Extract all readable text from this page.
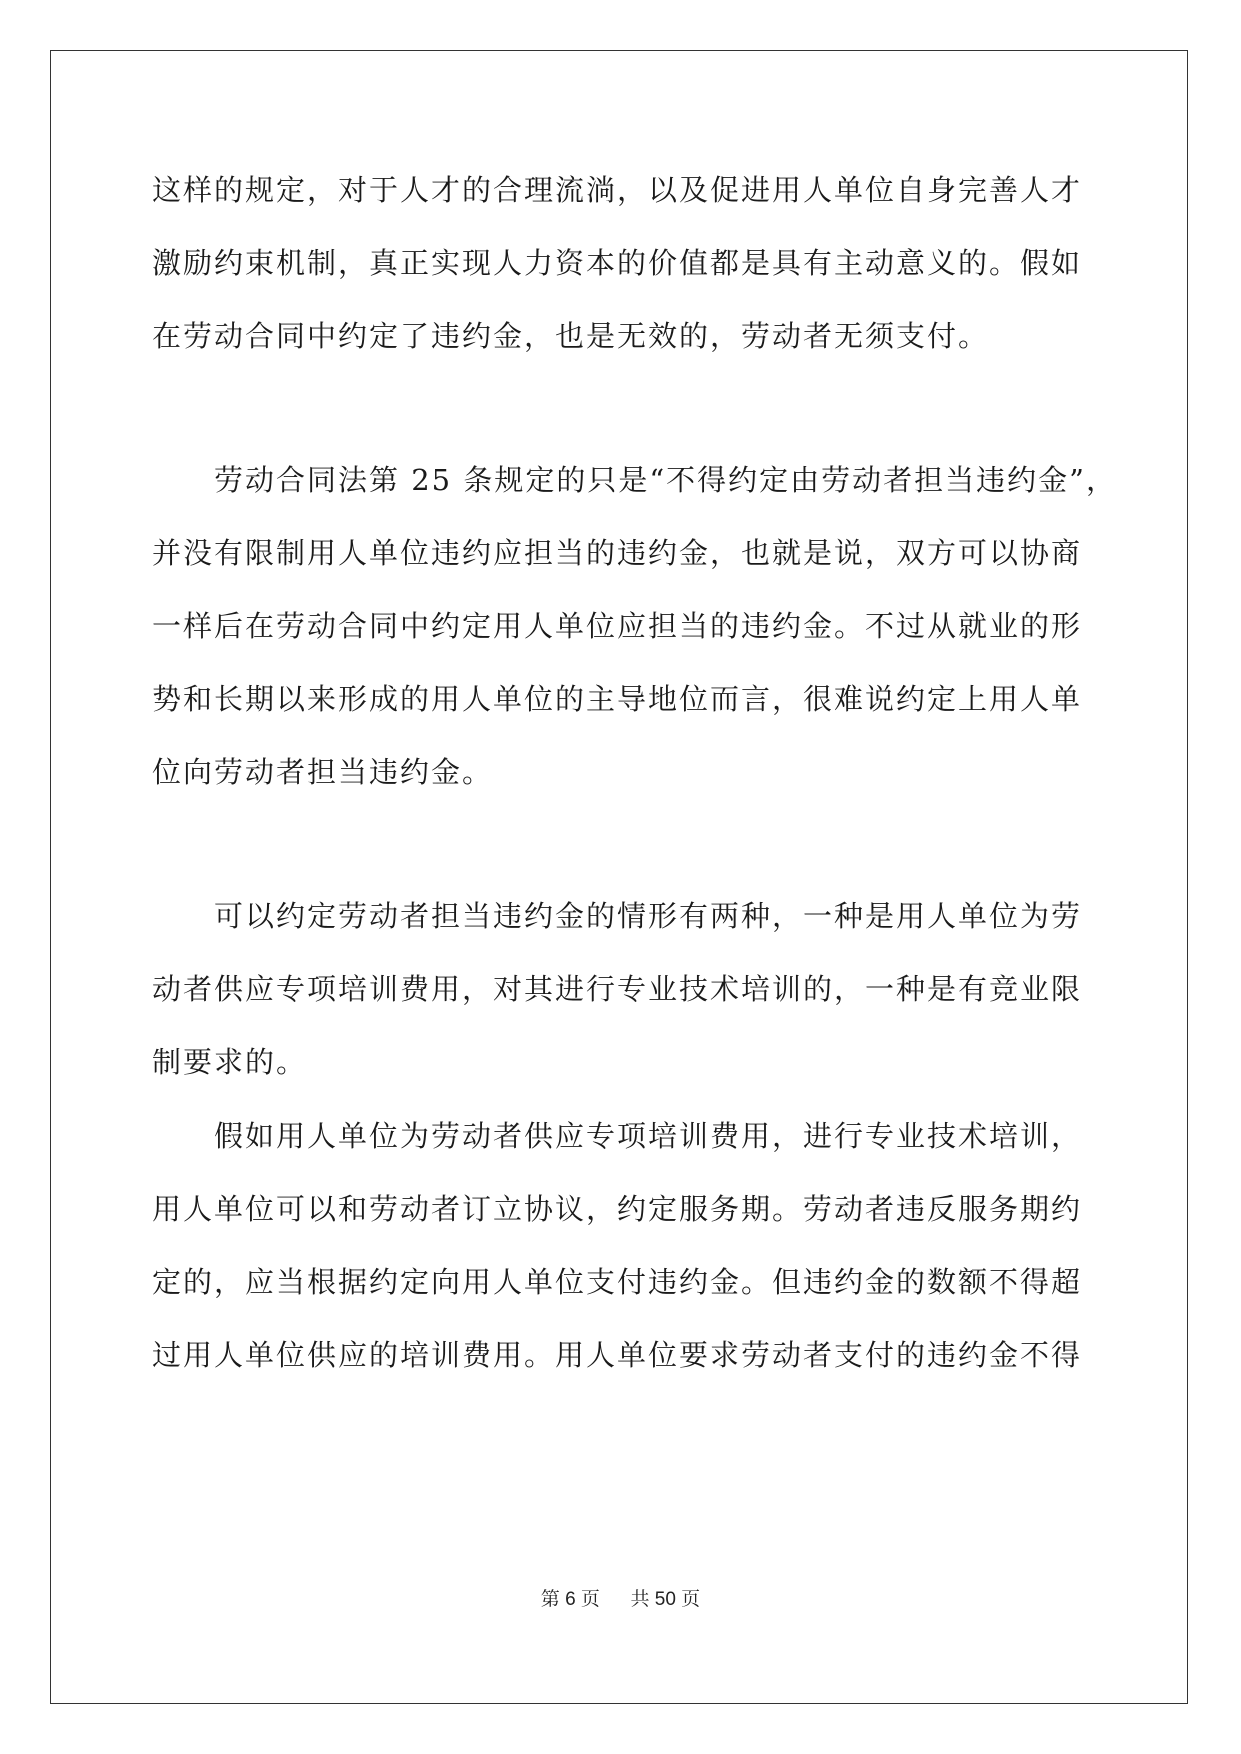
这样的规定，对于人才的合理流淌，以及促进用人单位自身完善人才
激励约束机制，真正实现人力资本的价值都是具有主动意义的。假如
在劳动合同中约定了违约金，也是无效的，劳动者无须支付。
　　劳动合同法第 25 条规定的只是“不得约定由劳动者担当违约金”，
并没有限制用人单位违约应担当的违约金，也就是说，双方可以协商
一样后在劳动合同中约定用人单位应担当的违约金。不过从就业的形
势和长期以来形成的用人单位的主导地位而言，很难说约定上用人单
位向劳动者担当违约金。
　　可以约定劳动者担当违约金的情形有两种，一种是用人单位为劳
动者供应专项培训费用，对其进行专业技术培训的，一种是有竞业限
制要求的。
　　假如用人单位为劳动者供应专项培训费用，进行专业技术培训，
用人单位可以和劳动者订立协议，约定服务期。劳动者违反服务期约
定的，应当根据约定向用人单位支付违约金。但违约金的数额不得超
过用人单位供应的培训费用。用人单位要求劳动者支付的违约金不得
第 6 页 共 50 页
